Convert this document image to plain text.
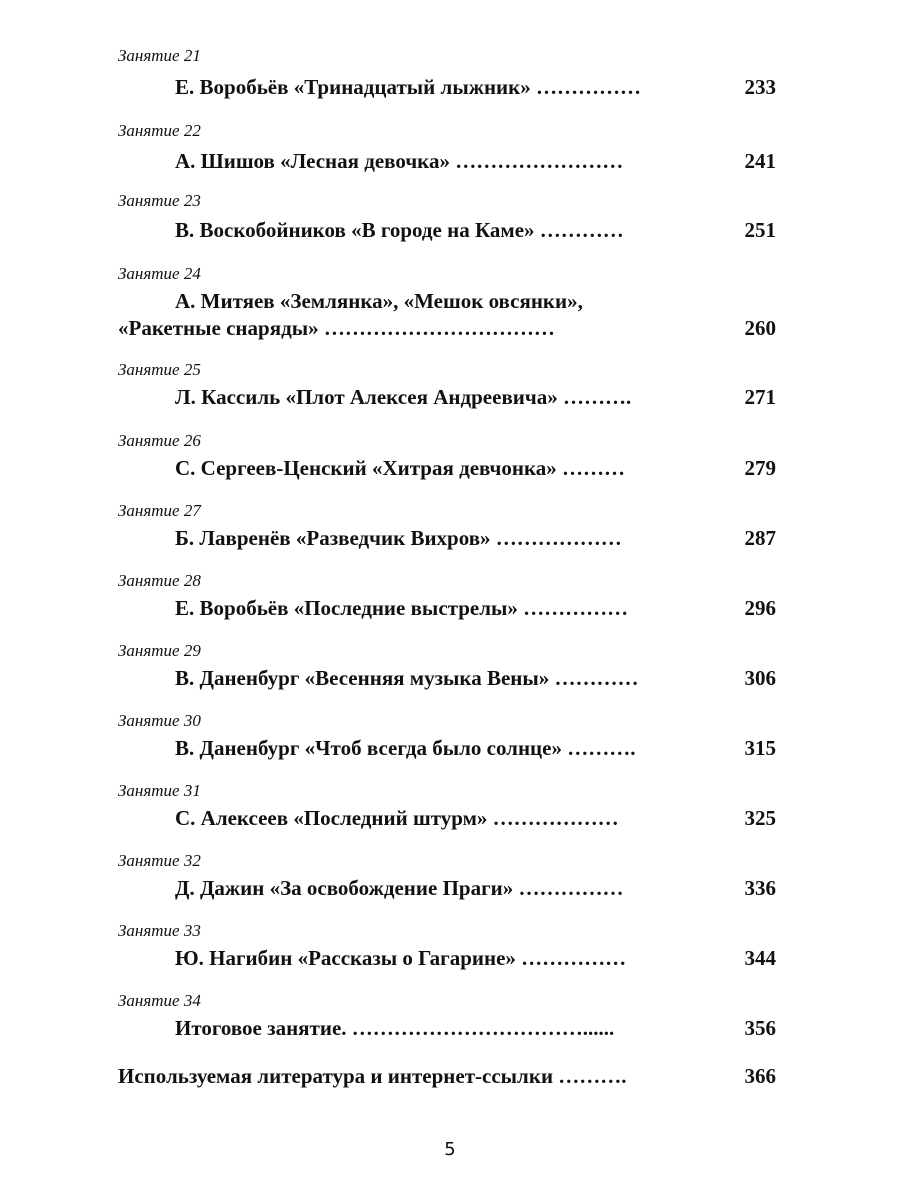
Занятие 21
Е. Воробьёв «Тринадцатый лыжник» ……………	233
Занятие 22
А. Шишов «Лесная девочка» ……………………	241
Занятие 23
В. Воскобойников «В городе на Каме» …………	251
Занятие 24
А. Митяев «Землянка», «Мешок овсянки»,
«Ракетные снаряды» ……………………………	260
Занятие 25
Л. Кассиль «Плот Алексея Андреевича» ……….	271
Занятие 26
С. Сергеев-Ценский «Хитрая девчонка» ………	279
Занятие 27
Б. Лавренёв «Разведчик Вихров» ………………	287
Занятие 28
Е. Воробьёв «Последние выстрелы» ……………	296
Занятие 29
В. Даненбург «Весенняя музыка Вены» …………	306
Занятие 30
В. Даненбург «Чтоб всегда было солнце» ……….	315
Занятие 31
С. Алексеев «Последний штурм» ………………	325
Занятие 32
Д. Дажин «За освобождение Праги» ……………	336
Занятие 33
Ю. Нагибин «Рассказы о Гагарине» ……………	344
Занятие 34
Итоговое занятие. ……………………………......	356
Используемая литература и интернет-ссылки ……….	366
5
